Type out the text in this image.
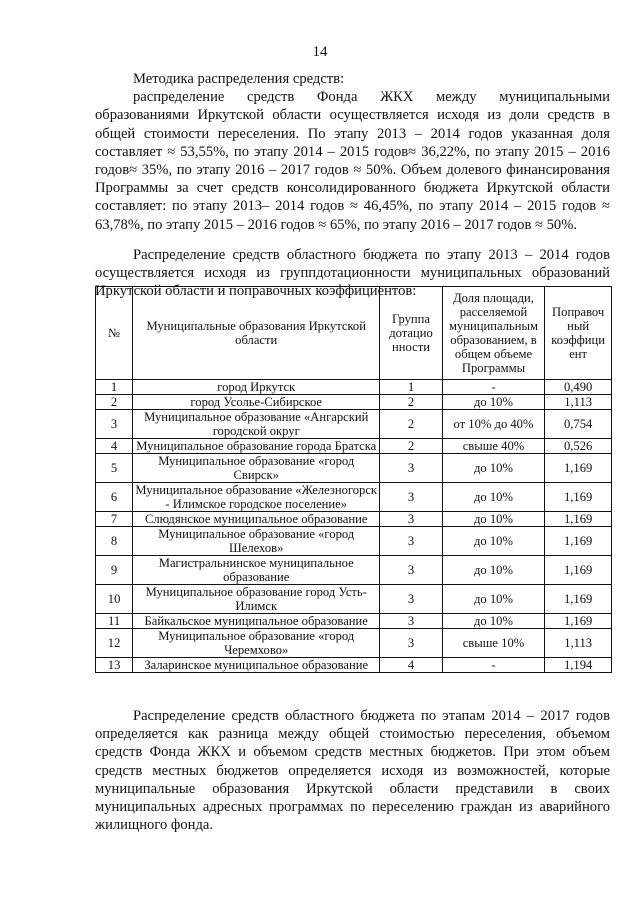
14

Методика распределения средств:

распределение средств Фонда ЖКХ между муниципальными образованиями Иркутской области осуществляется исходя из доли средств в общей стоимости переселения. По этапу 2013 – 2014 годов указанная доля составляет ≈ 53,55%, по этапу 2014 – 2015 годов≈ 36,22%, по этапу 2015 – 2016 годов≈ 35%, по этапу 2016 – 2017 годов ≈ 50%. Объем долевого финансирования Программы за счет средств консолидированного бюджета Иркутской области составляет: по этапу 2013– 2014 годов ≈ 46,45%, по этапу 2014 – 2015 годов ≈ 63,78%, по этапу 2015 – 2016 годов ≈ 65%, по этапу 2016 – 2017 годов ≈ 50%.

Распределение средств областного бюджета по этапу 2013 – 2014 годов осуществляется исходя из группдотационности муниципальных образований Иркутской области и поправочных коэффициентов:

№	Муниципальные образования Иркутской области	Группа дотацио нности	Доля площади, расселяемой муниципальным образованием, в общем объеме Программы	Поправоч ный коэффици ент
1	город Иркутск	1	-	0,490
2	город Усолье-Сибирское	2	до 10%	1,113
3	Муниципальное образование «Ангарский городской округ	2	от 10% до 40%	0,754
4	Муниципальное образование города Братска	2	свыше 40%	0,526
5	Муниципальное образование «город Свирск»	3	до 10%	1,169
6	Муниципальное образование «Железногорск - Илимское городское поселение»	3	до 10%	1,169
7	Слюдянское муниципальное образование	3	до 10%	1,169
8	Муниципальное образование «город Шелехов»	3	до 10%	1,169
9	Магистральнинское муниципальное образование	3	до 10%	1,169
10	Муниципальное образование город Усть-Илимск	3	до 10%	1,169
11	Байкальское муниципальное образование	3	до 10%	1,169
12	Муниципальное образование «город Черемхово»	3	свыше 10%	1,113
13	Заларинское муниципальное образование	4	-	1,194

Распределение средств областного бюджета по этапам 2014 – 2017 годов определяется как разница между общей стоимостью переселения, объемом средств Фонда ЖКХ и объемом средств местных бюджетов. При этом объем средств местных бюджетов определяется исходя из возможностей, которые муниципальные образования Иркутской области представили в своих муниципальных адресных программах по переселению граждан из аварийного жилищного фонда.
